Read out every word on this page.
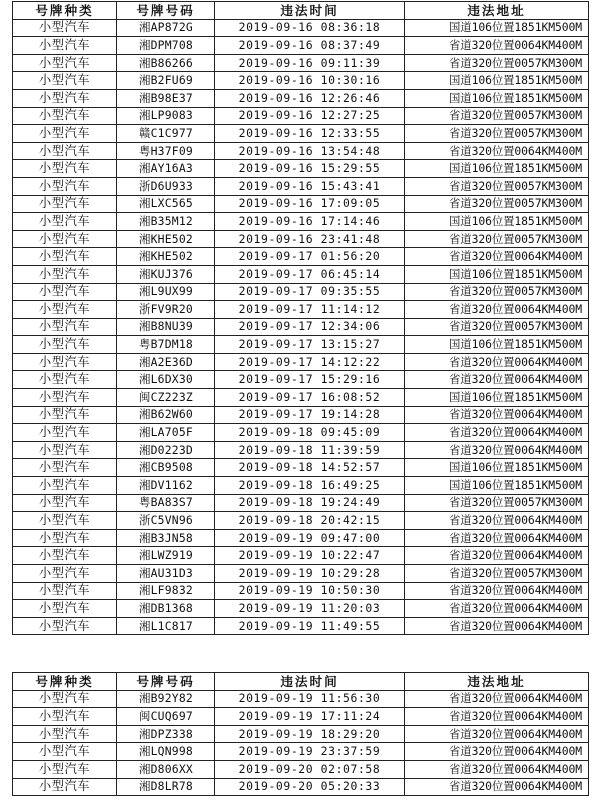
号牌种类	号牌号码	违法时间	违法地址
小型汽车	湘AP872G	2019-09-16 08:36:18	国道106位置1851KM500M
小型汽车	湘DPM708	2019-09-16 08:37:49	省道320位置0064KM400M
小型汽车	湘B86266	2019-09-16 09:11:39	省道320位置0057KM300M
小型汽车	湘B2FU69	2019-09-16 10:30:16	国道106位置1851KM500M
小型汽车	湘B98E37	2019-09-16 12:26:46	国道106位置1851KM500M
小型汽车	湘LP9083	2019-09-16 12:27:25	省道320位置0057KM300M
小型汽车	赣C1C977	2019-09-16 12:33:55	省道320位置0057KM300M
小型汽车	粤H37F09	2019-09-16 13:54:48	省道320位置0064KM400M
小型汽车	湘AY16A3	2019-09-16 15:29:55	国道106位置1851KM500M
小型汽车	浙D6U933	2019-09-16 15:43:41	省道320位置0057KM300M
小型汽车	湘LXC565	2019-09-16 17:09:05	省道320位置0057KM300M
小型汽车	湘B35M12	2019-09-16 17:14:46	国道106位置1851KM500M
小型汽车	湘KHE502	2019-09-16 23:41:48	省道320位置0057KM300M
小型汽车	湘KHE502	2019-09-17 01:56:20	省道320位置0064KM400M
小型汽车	湘KUJ376	2019-09-17 06:45:14	国道106位置1851KM500M
小型汽车	湘L9UX99	2019-09-17 09:35:55	省道320位置0057KM300M
小型汽车	浙FV9R20	2019-09-17 11:14:12	省道320位置0064KM400M
小型汽车	湘B8NU39	2019-09-17 12:34:06	省道320位置0057KM300M
小型汽车	粤B7DM18	2019-09-17 13:15:27	国道106位置1851KM500M
小型汽车	湘A2E36D	2019-09-17 14:12:22	省道320位置0064KM400M
小型汽车	湘L6DX30	2019-09-17 15:29:16	省道320位置0064KM400M
小型汽车	闽CZ223Z	2019-09-17 16:08:52	国道106位置1851KM500M
小型汽车	湘B62W60	2019-09-17 19:14:28	省道320位置0064KM400M
小型汽车	湘LA705F	2019-09-18 09:45:09	省道320位置0064KM400M
小型汽车	湘D0223D	2019-09-18 11:39:59	省道320位置0064KM400M
小型汽车	湘CB9508	2019-09-18 14:52:57	国道106位置1851KM500M
小型汽车	湘DV1162	2019-09-18 16:49:25	国道106位置1851KM500M
小型汽车	粤BA83S7	2019-09-18 19:24:49	省道320位置0057KM300M
小型汽车	浙C5VN96	2019-09-18 20:42:15	省道320位置0064KM400M
小型汽车	湘B3JN58	2019-09-19 09:47:00	省道320位置0064KM400M
小型汽车	湘LWZ919	2019-09-19 10:22:47	省道320位置0064KM400M
小型汽车	湘AU31D3	2019-09-19 10:29:28	省道320位置0057KM300M
小型汽车	湘LF9832	2019-09-19 10:50:30	省道320位置0064KM400M
小型汽车	湘DB1368	2019-09-19 11:20:03	省道320位置0064KM400M
小型汽车	湘L1C817	2019-09-19 11:49:55	省道320位置0064KM400M
号牌种类	号牌号码	违法时间	违法地址
小型汽车	湘B92Y82	2019-09-19 11:56:30	省道320位置0064KM400M
小型汽车	闽CUQ697	2019-09-19 17:11:24	省道320位置0064KM400M
小型汽车	湘DPZ338	2019-09-19 18:29:20	省道320位置0064KM400M
小型汽车	湘LQN998	2019-09-19 23:37:59	省道320位置0064KM400M
小型汽车	湘D806XX	2019-09-20 02:07:58	省道320位置0064KM400M
小型汽车	湘D8LR78	2019-09-20 05:20:33	省道320位置0064KM400M
